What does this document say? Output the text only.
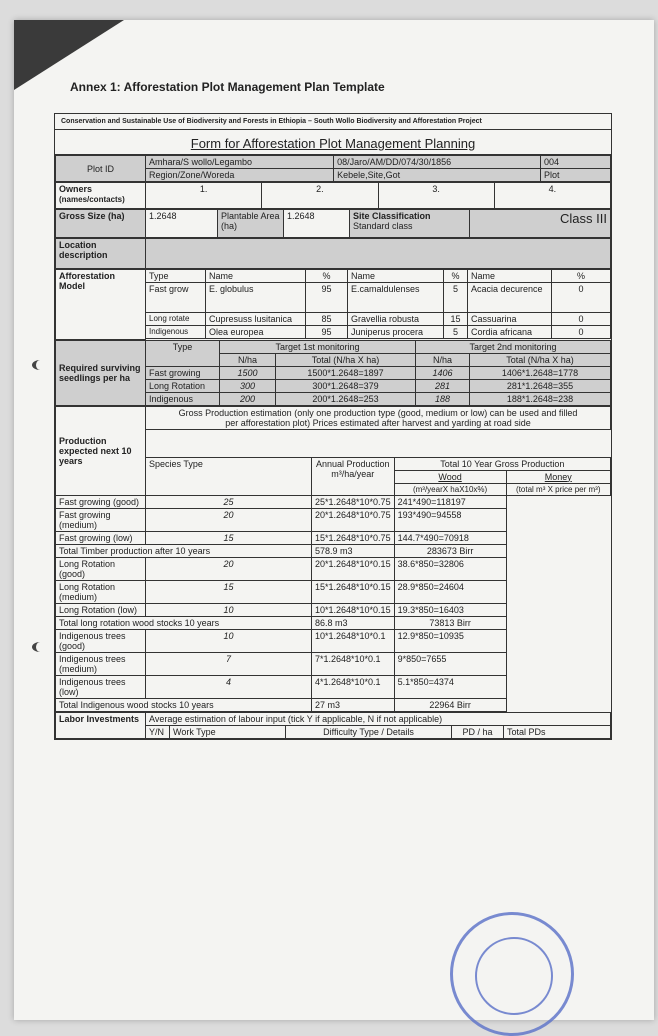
Annex 1: Afforestation Plot Management Plan Template
Conservation and Sustainable Use of Biodiversity and Forests in Ethiopia – South Wollo Biodiversity and Afforestation Project
Form for Afforestation Plot Management Planning
Plot ID	Amhara/S wollo/Legambo	08/Jaro/AM/DD/074/30/1856	004
	Region/Zone/Woreda	Kebele,Site,Got	Plot
Owners
(names/contacts)	1.	2.	3.	4.
Gross Size (ha)	1.2648	Plantable Area (ha)	1.2648	Site Classification
Standard class	Class III
Location description	
Afforestation Model	Type	Name	%	Name	%	Name	%
	Fast grow	E. globulus	95	E.camaldulenses	5	Acacia decurence	0
	Long rotate	Cupresuss lusitanica	85	Gravellia robusta	15	Cassuarina	0
	Indigenous	Olea europea	95	Juniperus procera	5	Cordia africana	0

Required surviving seedlings per ha	Type	Target 1st monitoring		Target 2nd monitoring	
		N/ha	Total (N/ha X ha)	N/ha	Total (N/ha X ha)
	Fast growing	1500	1500*1.2648=1897	1406	1406*1.2648=1778
	Long Rotation	300	300*1.2648=379	281	281*1.2648=355
	Indigenous	200	200*1.2648=253	188	188*1.2648=238
Production expected next 10 years	Gross Production estimation (only one production type (good, medium or low) can be used and filled
per afforestation plot) Prices estimated after harvest and yarding at road side			

	Species Type	Annual Production m³/ha/year	Total 10 Year Gross Production	
			Wood	Money
			(m³/yearX haX10x%)	(total m³ X price per m³)
Fast growing (good)	25	25*1.2648*10*0.75	241*490=118197	
Fast growing (medium)	20	20*1.2648*10*0.75	193*490=94558	
Fast growing (low)	15	15*1.2648*10*0.75	144.7*490=70918	
Total Timber production after 10 years		578.9 m3	283673 Birr	
Long Rotation (good)	20	20*1.2648*10*0.15	38.6*850=32806	
Long Rotation (medium)	15	15*1.2648*10*0.15	28.9*850=24604	
Long Rotation (low)	10	10*1.2648*10*0.15	19.3*850=16403	
Total long rotation wood stocks 10 years		86.8 m3	73813 Birr	
Indigenous trees (good)	10	10*1.2648*10*0.1	12.9*850=10935	
Indigenous trees (medium)	7	7*1.2648*10*0.1	9*850=7655	
Indigenous trees (low)	4	4*1.2648*10*0.1	5.1*850=4374	
Total Indigenous wood stocks 10 years		27 m3	22964 Birr	
Labor Investments	Average estimation of labour input (tick Y if applicable, N if not applicable)				
	Y/N	Work Type	Difficulty Type / Details	PD / ha	Total PDs
